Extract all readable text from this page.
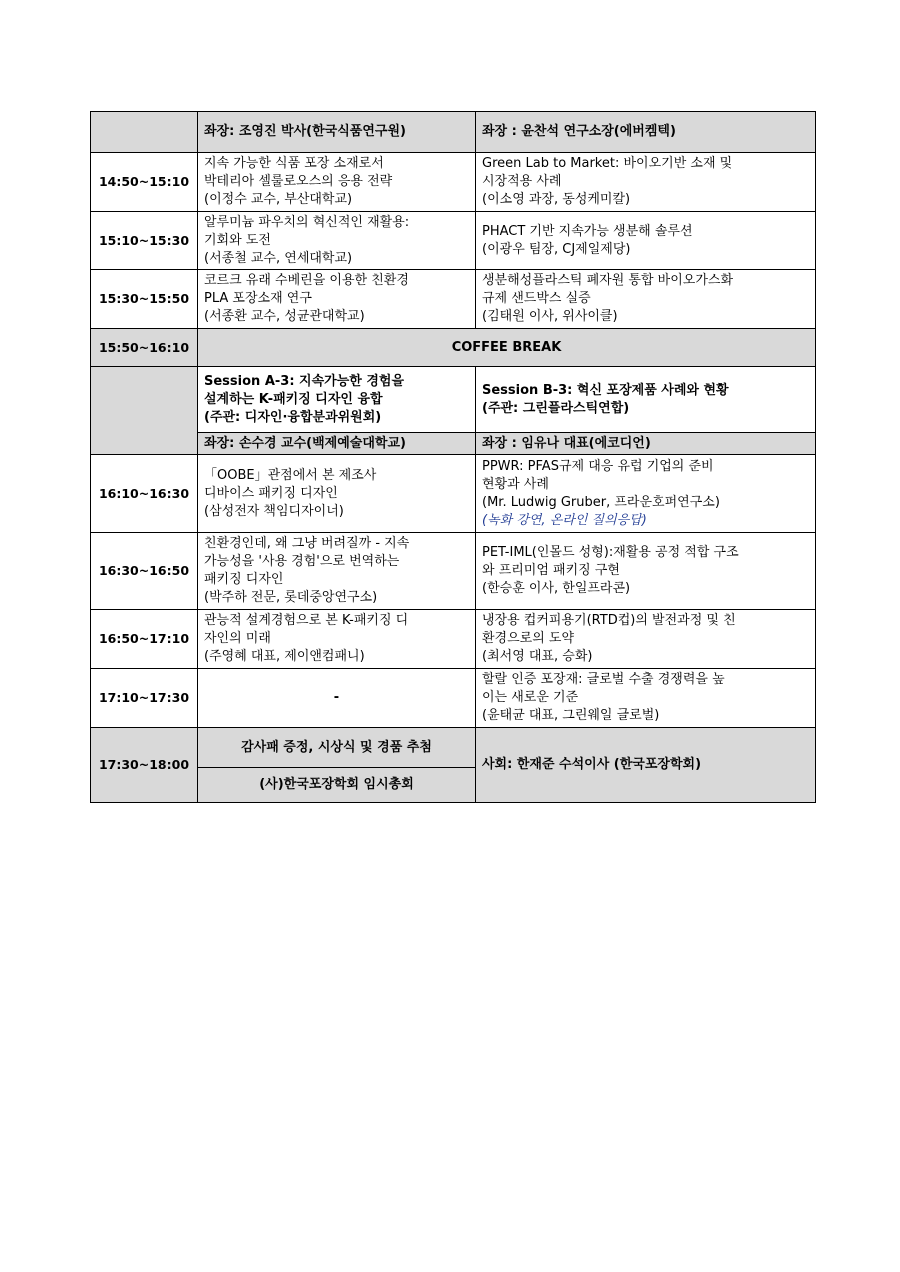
	좌장: 조영진 박사(한국식품연구원)	좌장 : 윤찬석 연구소장(에버켐텍)
14:50~15:10	지속 가능한 식품 포장 소재로서
박테리아 셀룰로오스의 응용 전략
(이정수 교수, 부산대학교)	Green Lab to Market: 바이오기반 소재 및
시장적용 사례
(이소영 과장, 동성케미칼)

15:10~15:30	알루미늄 파우치의 혁신적인 재활용:
기회와 도전
(서종철 교수, 연세대학교)	PHACT 기반 지속가능 생분해 솔루션
(이광우 팀장, CJ제일제당)

15:30~15:50	코르크 유래 수베린을 이용한 친환경
PLA 포장소재 연구
(서종환 교수, 성균관대학교)	생분해성플라스틱 폐자원 통합 바이오가스화
규제 샌드박스 실증
(김태원 이사, 위사이클)

15:50~16:10	COFFEE BREAK	

	Session A-3: 지속가능한 경험을
설계하는 K-패키징 디자인 융합
(주관: 디자인·융합분과위원회)	Session B-3: 혁신 포장제품 사례와 현황
(주관: 그린플라스틱연합)

	좌장: 손수경 교수(백제예술대학교)	좌장 : 임유나 대표(에코디언)
16:10~16:30	「OOBE」관점에서 본 제조사
디바이스 패키징 디자인
(삼성전자 책임디자이너)	PPWR: PFAS규제 대응 유럽 기업의 준비
현황과 사례
(Mr. Ludwig Gruber, 프라운호퍼연구소)
(녹화 강연, 온라인 질의응답)

16:30~16:50	친환경인데, 왜 그냥 버려질까 - 지속
가능성을 '사용 경험'으로 번역하는
패키징 디자인
(박주하 전문, 롯데중앙연구소)	PET-IML(인몰드 성형):재활용 공정 적합 구조
와 프리미엄 패키징 구현
(한승훈 이사, 한일프라콘)

16:50~17:10	관능적 설계경험으로 본 K-패키징 디
자인의 미래
(주영혜 대표, 제이앤컴패니)	냉장용 컵커피용기(RTD컵)의 발전과정 및 친
환경으로의 도약
(최서영 대표, 승화)

17:10~17:30	-	할랄 인증 포장재: 글로벌 수출 경쟁력을 높
이는 새로운 기준
(윤태균 대표, 그린웨일 글로벌)

17:30~18:00	감사패 증정, 시상식 및 경품 추첨	사회: 한재준 수석이사 (한국포장학회)
	(사)한국포장학회 임시총회	
